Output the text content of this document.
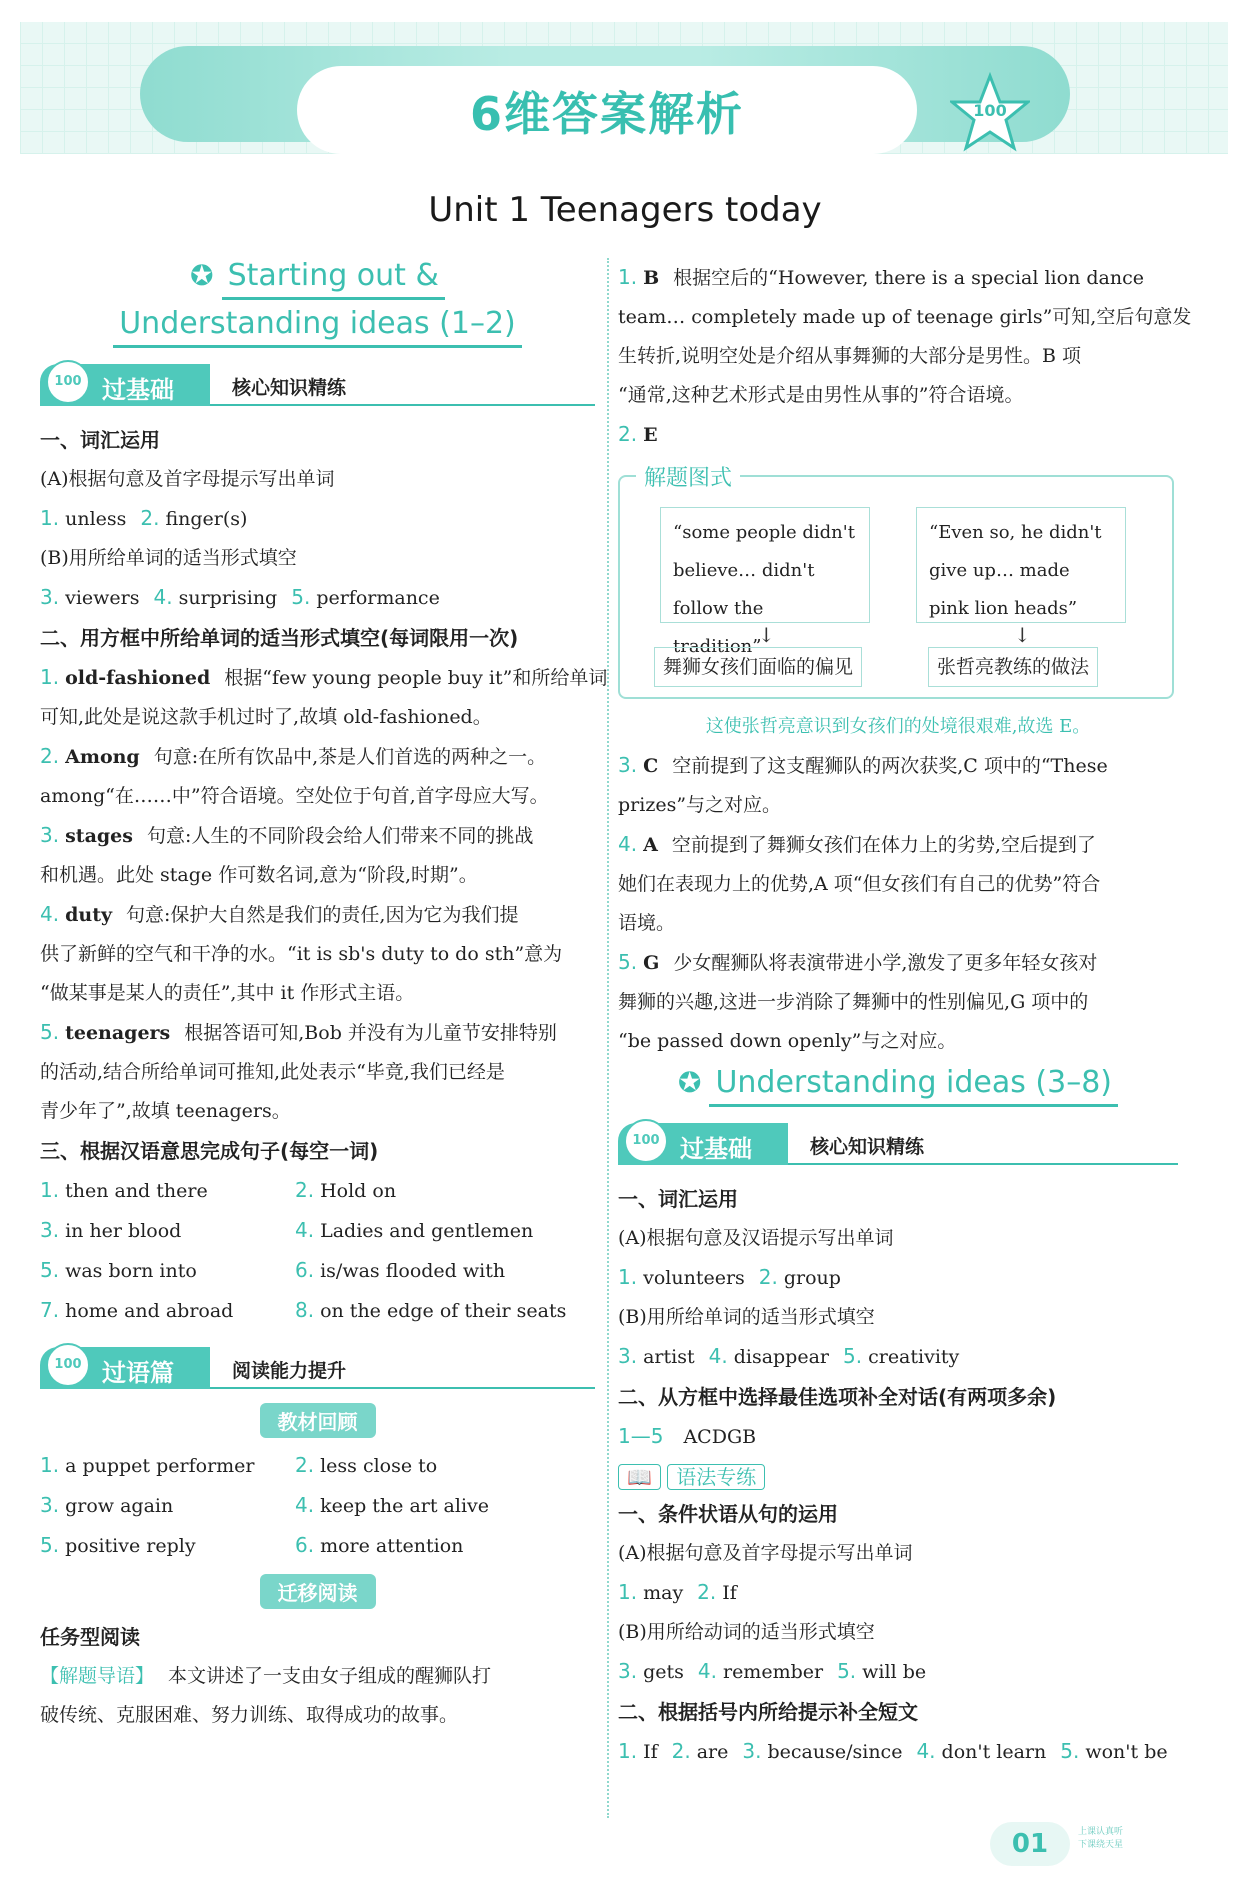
6维答案解析	100
Unit 1 Teenagers today
✪ Starting out &
Understanding ideas (1–2)
100 过基础	核心知识精练
一、词汇运用
(A)根据句意及首字母提示写出单词
1. unless 2. finger(s)
(B)用所给单词的适当形式填空
3. viewers 4. surprising 5. performance
二、用方框中所给单词的适当形式填空(每词限用一次)
1. old-fashioned 根据“few young people buy it”和所给单词
可知,此处是说这款手机过时了,故填 old-fashioned。
2. Among 句意:在所有饮品中,茶是人们首选的两种之一。
among“在……中”符合语境。空处位于句首,首字母应大写。
3. stages 句意:人生的不同阶段会给人们带来不同的挑战
和机遇。此处 stage 作可数名词,意为“阶段,时期”。
4. duty 句意:保护大自然是我们的责任,因为它为我们提
供了新鲜的空气和干净的水。“it is sb's duty to do sth”意为
“做某事是某人的责任”,其中 it 作形式主语。
5. teenagers 根据答语可知,Bob 并没有为儿童节安排特别
的活动,结合所给单词可推知,此处表示“毕竟,我们已经是
青少年了”,故填 teenagers。
三、根据汉语意思完成句子(每空一词)
1. then and there	2. Hold on
3. in her blood	4. Ladies and gentlemen
5. was born into	6. is/was flooded with
7. home and abroad	8. on the edge of their seats
100 过语篇	阅读能力提升
教材回顾
1. a puppet performer 2. less close to
3. grow again	4. keep the art alive
5. positive reply	6. more attention
迁移阅读
任务型阅读
【解题导语】 本文讲述了一支由女子组成的醒狮队打
破传统、克服困难、努力训练、取得成功的故事。
1. B 根据空后的“However, there is a special lion dance
team… completely made up of teenage girls”可知,空后句意发
生转折,说明空处是介绍从事舞狮的大部分是男性。B 项
“通常,这种艺术形式是由男性从事的”符合语境。
2. E
解题图式
“some people didn't believe… didn't follow the tradition”
“Even so, he didn't give up… made pink lion heads”
↓	↓
舞狮女孩们面临的偏见	张哲亮教练的做法
这使张哲亮意识到女孩们的处境很艰难,故选 E。
3. C 空前提到了这支醒狮队的两次获奖,C 项中的“These
prizes”与之对应。
4. A 空前提到了舞狮女孩们在体力上的劣势,空后提到了
她们在表现力上的优势,A 项“但女孩们有自己的优势”符合
语境。
5. G 少女醒狮队将表演带进小学,激发了更多年轻女孩对
舞狮的兴趣,这进一步消除了舞狮中的性别偏见,G 项中的
“be passed down openly”与之对应。
✪ Understanding ideas (3–8)
100 过基础	核心知识精练
一、词汇运用
(A)根据句意及汉语提示写出单词
1. volunteers 2. group
(B)用所给单词的适当形式填空
3. artist 4. disappear 5. creativity
二、从方框中选择最佳选项补全对话(有两项多余)
1—5 ACDGB
📖 语法专练
一、条件状语从句的运用
(A)根据句意及首字母提示写出单词
1. may 2. If
(B)用所给动词的适当形式填空
3. gets 4. remember 5. will be
二、根据括号内所给提示补全短文
1. If 2. are 3. because/since 4. don't learn 5. won't be
01	上课认真听
下课绕天星
